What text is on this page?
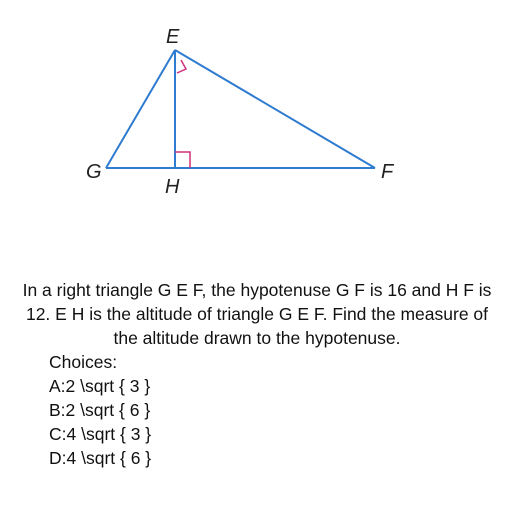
E
G
H
F

In a right triangle G E F, the hypotenuse G F is 16 and H F is 12. E H is the altitude of triangle G E F. Find the measure of the altitude drawn to the hypotenuse.

Choices:
A:2 \sqrt { 3 }
B:2 \sqrt { 6 }
C:4 \sqrt { 3 }
D:4 \sqrt { 6 }
